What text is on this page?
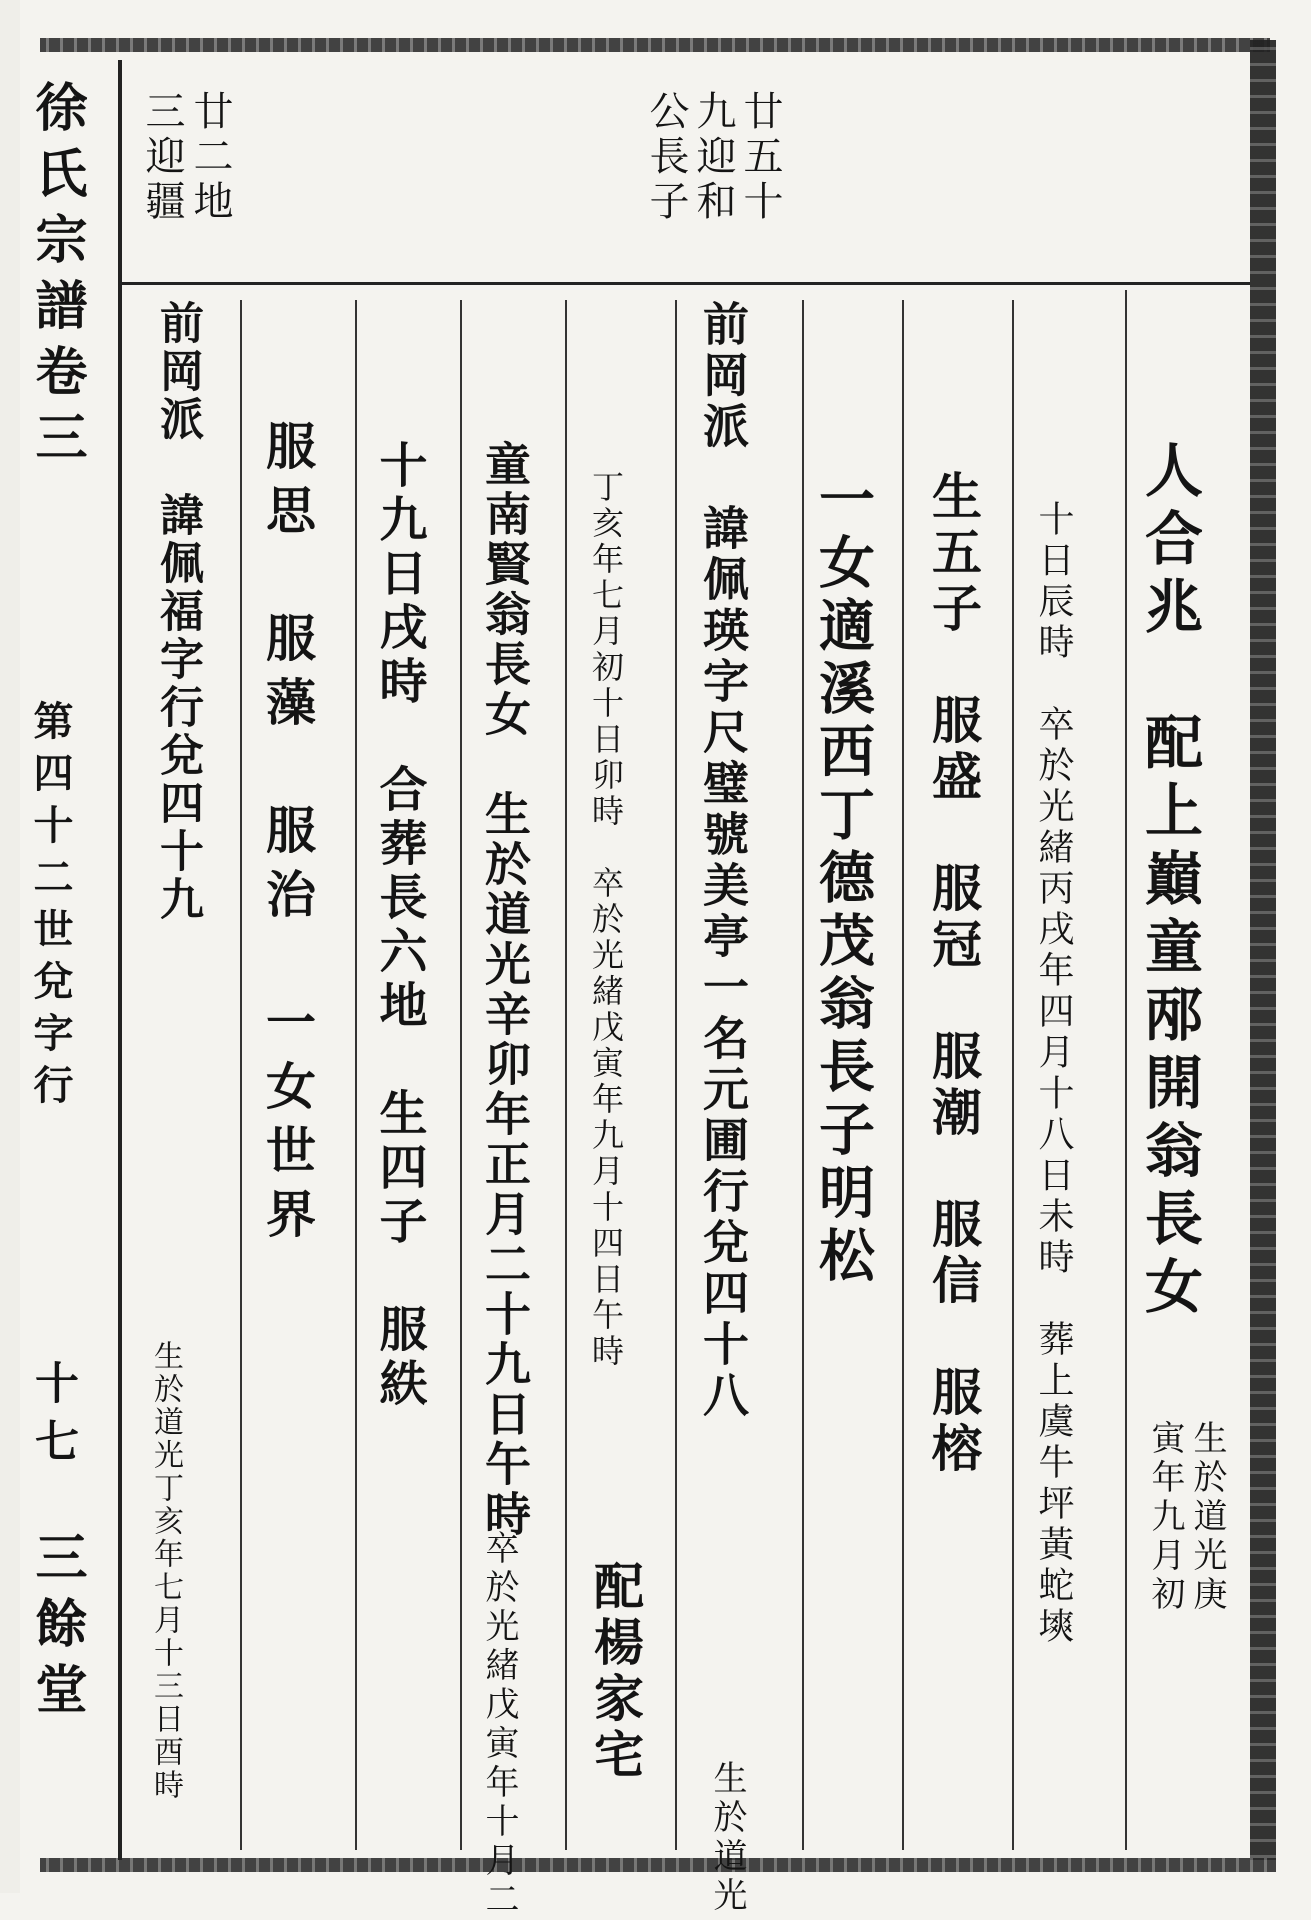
徐氏宗譜卷三
第四十二世兌字行
十七
三餘堂
廿五十
九迎和
公長子
廿二地
三迎疆
人合兆　配上巔童邴開翁長女
生於道光庚
寅年九月初
十日辰時　卒於光緒丙戌年四月十八日未時　葬上虞牛坪黃蛇塽
生五子　服盛　服冠　服潮　服信　服榕
一女適溪西丁德茂翁長子明松
前岡派　諱佩瑛字尺璧號美亭一名元圃行兌四十八
生於道光
丁亥年七月初十日卯時　卒於光緒戊寅年九月十四日午時
配楊家宅
童南賢翁長女　生於道光辛卯年正月二十九日午時
卒於光緒戊寅年十月二
十九日戌時　合葬長六地　生四子　服紩
服思　服藻　服治　一女世界
前岡派　諱佩福字行兌四十九
生於道光丁亥年七月十三日酉時
